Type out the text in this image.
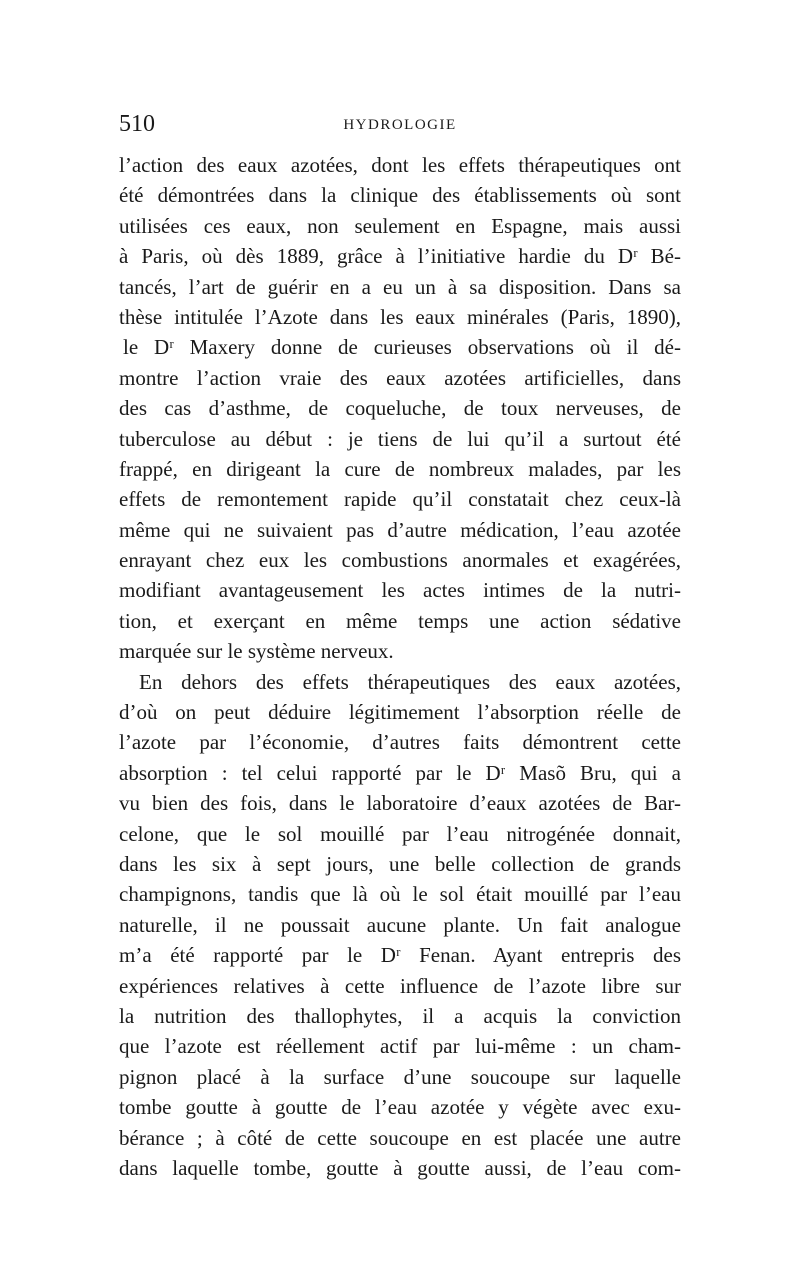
510	HYDROLOGIE
l’action des eaux azotées, dont les effets thérapeutiques ont
été démontrées dans la clinique des établissements où sont
utilisées ces eaux, non seulement en Espagne, mais aussi
à Paris, où dès 1889, grâce à l’initiative hardie du Dʳ Bé-
tancés, l’art de guérir en a eu un à sa disposition. Dans sa
thèse intitulée l’Azote dans les eaux minérales (Paris, 1890),
le Dʳ Maxery donne de curieuses observations où il dé-
montre l’action vraie des eaux azotées artificielles, dans
des cas d’asthme, de coqueluche, de toux nerveuses, de
tuberculose au début : je tiens de lui qu’il a surtout été
frappé, en dirigeant la cure de nombreux malades, par les
effets de remontement rapide qu’il constatait chez ceux-là
même qui ne suivaient pas d’autre médication, l’eau azotée
enrayant chez eux les combustions anormales et exagérées,
modifiant avantageusement les actes intimes de la nutri-
tion, et exerçant en même temps une action sédative
marquée sur le système nerveux.
En dehors des effets thérapeutiques des eaux azotées,
d’où on peut déduire légitimement l’absorption réelle de
l’azote par l’économie, d’autres faits démontrent cette
absorption : tel celui rapporté par le Dʳ Masõ Bru, qui a
vu bien des fois, dans le laboratoire d’eaux azotées de Bar-
celone, que le sol mouillé par l’eau nitrogénée donnait,
dans les six à sept jours, une belle collection de grands
champignons, tandis que là où le sol était mouillé par l’eau
naturelle, il ne poussait aucune plante. Un fait analogue
m’a été rapporté par le Dʳ Fenan. Ayant entrepris des
expériences relatives à cette influence de l’azote libre sur
la nutrition des thallophytes, il a acquis la conviction
que l’azote est réellement actif par lui-même : un cham-
pignon placé à la surface d’une soucoupe sur laquelle
tombe goutte à goutte de l’eau azotée y végète avec exu-
bérance ; à côté de cette soucoupe en est placée une autre
dans laquelle tombe, goutte à goutte aussi, de l’eau com-
